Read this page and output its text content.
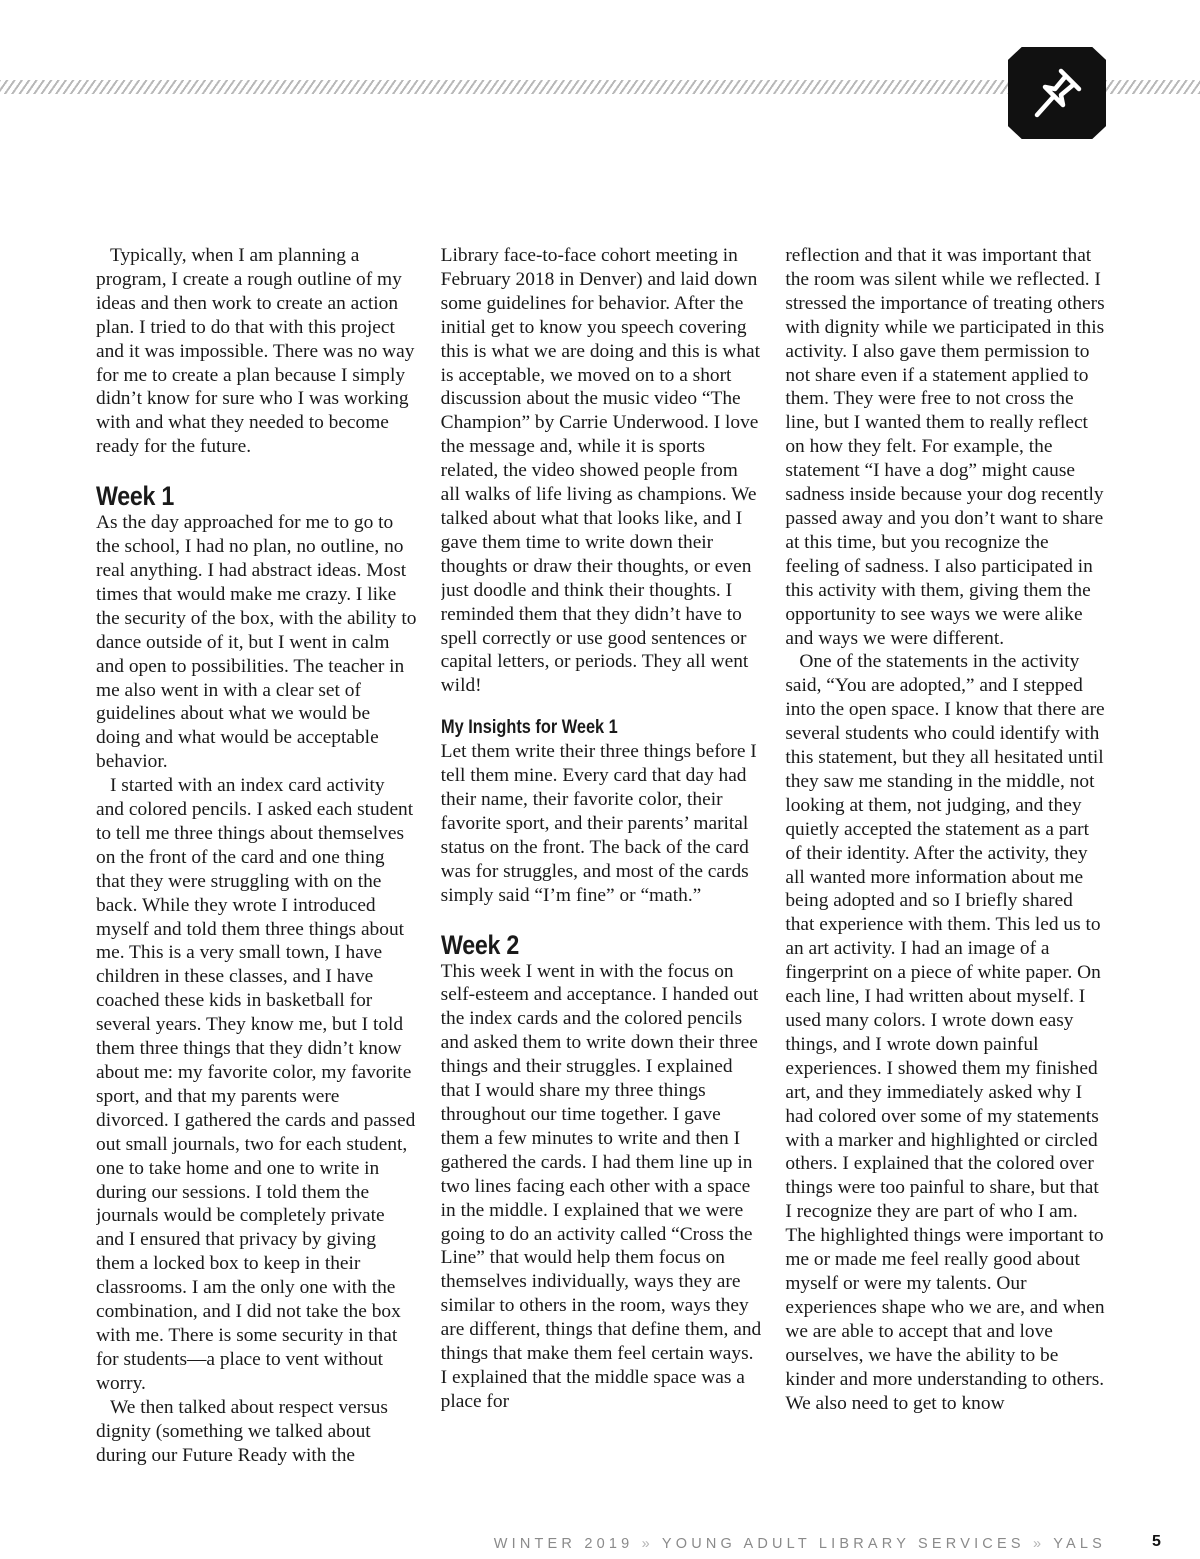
Typically, when I am planning a program, I create a rough outline of my ideas and then work to create an action plan. I tried to do that with this project and it was impossible. There was no way for me to create a plan because I simply didn’t know for sure who I was working with and what they needed to become ready for the future.

Week 1

As the day approached for me to go to the school, I had no plan, no outline, no real anything. I had abstract ideas. Most times that would make me crazy. I like the security of the box, with the ability to dance outside of it, but I went in calm and open to possibilities. The teacher in me also went in with a clear set of guidelines about what we would be doing and what would be acceptable behavior.

I started with an index card activity and colored pencils. I asked each student to tell me three things about themselves on the front of the card and one thing that they were struggling with on the back. While they wrote I introduced myself and told them three things about me. This is a very small town, I have children in these classes, and I have coached these kids in basketball for several years. They know me, but I told them three things that they didn’t know about me: my favorite color, my favorite sport, and that my parents were divorced. I gathered the cards and passed out small journals, two for each student, one to take home and one to write in during our sessions. I told them the journals would be completely private and I ensured that privacy by giving them a locked box to keep in their classrooms. I am the only one with the combination, and I did not take the box with me. There is some security in that for students—a place to vent without worry.

We then talked about respect versus dignity (something we talked about during our Future Ready with the

Library face-to-face cohort meeting in February 2018 in Denver) and laid down some guidelines for behavior. After the initial get to know you speech covering this is what we are doing and this is what is acceptable, we moved on to a short discussion about the music video “The Champion” by Carrie Underwood. I love the message and, while it is sports related, the video showed people from all walks of life living as champions. We talked about what that looks like, and I gave them time to write down their thoughts or draw their thoughts, or even just doodle and think their thoughts. I reminded them that they didn’t have to spell correctly or use good sentences or capital letters, or periods. They all went wild!

My Insights for Week 1

Let them write their three things before I tell them mine. Every card that day had their name, their favorite color, their favorite sport, and their parents’ marital status on the front. The back of the card was for struggles, and most of the cards simply said “I’m fine” or “math.”

Week 2

This week I went in with the focus on self-esteem and acceptance. I handed out the index cards and the colored pencils and asked them to write down their three things and their struggles. I explained that I would share my three things throughout our time together. I gave them a few minutes to write and then I gathered the cards. I had them line up in two lines facing each other with a space in the middle. I explained that we were going to do an activity called “Cross the Line” that would help them focus on themselves individually, ways they are similar to others in the room, ways they are different, things that define them, and things that make them feel certain ways. I explained that the middle space was a place for

reflection and that it was important that the room was silent while we reflected. I stressed the importance of treating others with dignity while we participated in this activity. I also gave them permission to not share even if a statement applied to them. They were free to not cross the line, but I wanted them to really reflect on how they felt. For example, the statement “I have a dog” might cause sadness inside because your dog recently passed away and you don’t want to share at this time, but you recognize the feeling of sadness. I also participated in this activity with them, giving them the opportunity to see ways we were alike and ways we were different.

One of the statements in the activity said, “You are adopted,” and I stepped into the open space. I know that there are several students who could identify with this statement, but they all hesitated until they saw me standing in the middle, not looking at them, not judging, and they quietly accepted the statement as a part of their identity. After the activity, they all wanted more information about me being adopted and so I briefly shared that experience with them. This led us to an art activity. I had an image of a fingerprint on a piece of white paper. On each line, I had written about myself. I used many colors. I wrote down easy things, and I wrote down painful experiences. I showed them my finished art, and they immediately asked why I had colored over some of my statements with a marker and highlighted or circled others. I explained that the colored over things were too painful to share, but that I recognize they are part of who I am. The highlighted things were important to me or made me feel really good about myself or were my talents. Our experiences shape who we are, and when we are able to accept that and love ourselves, we have the ability to be kinder and more understanding to others. We also need to get to know

WINTER 2019 » YOUNG ADULT LIBRARY SERVICES » YALS	5
